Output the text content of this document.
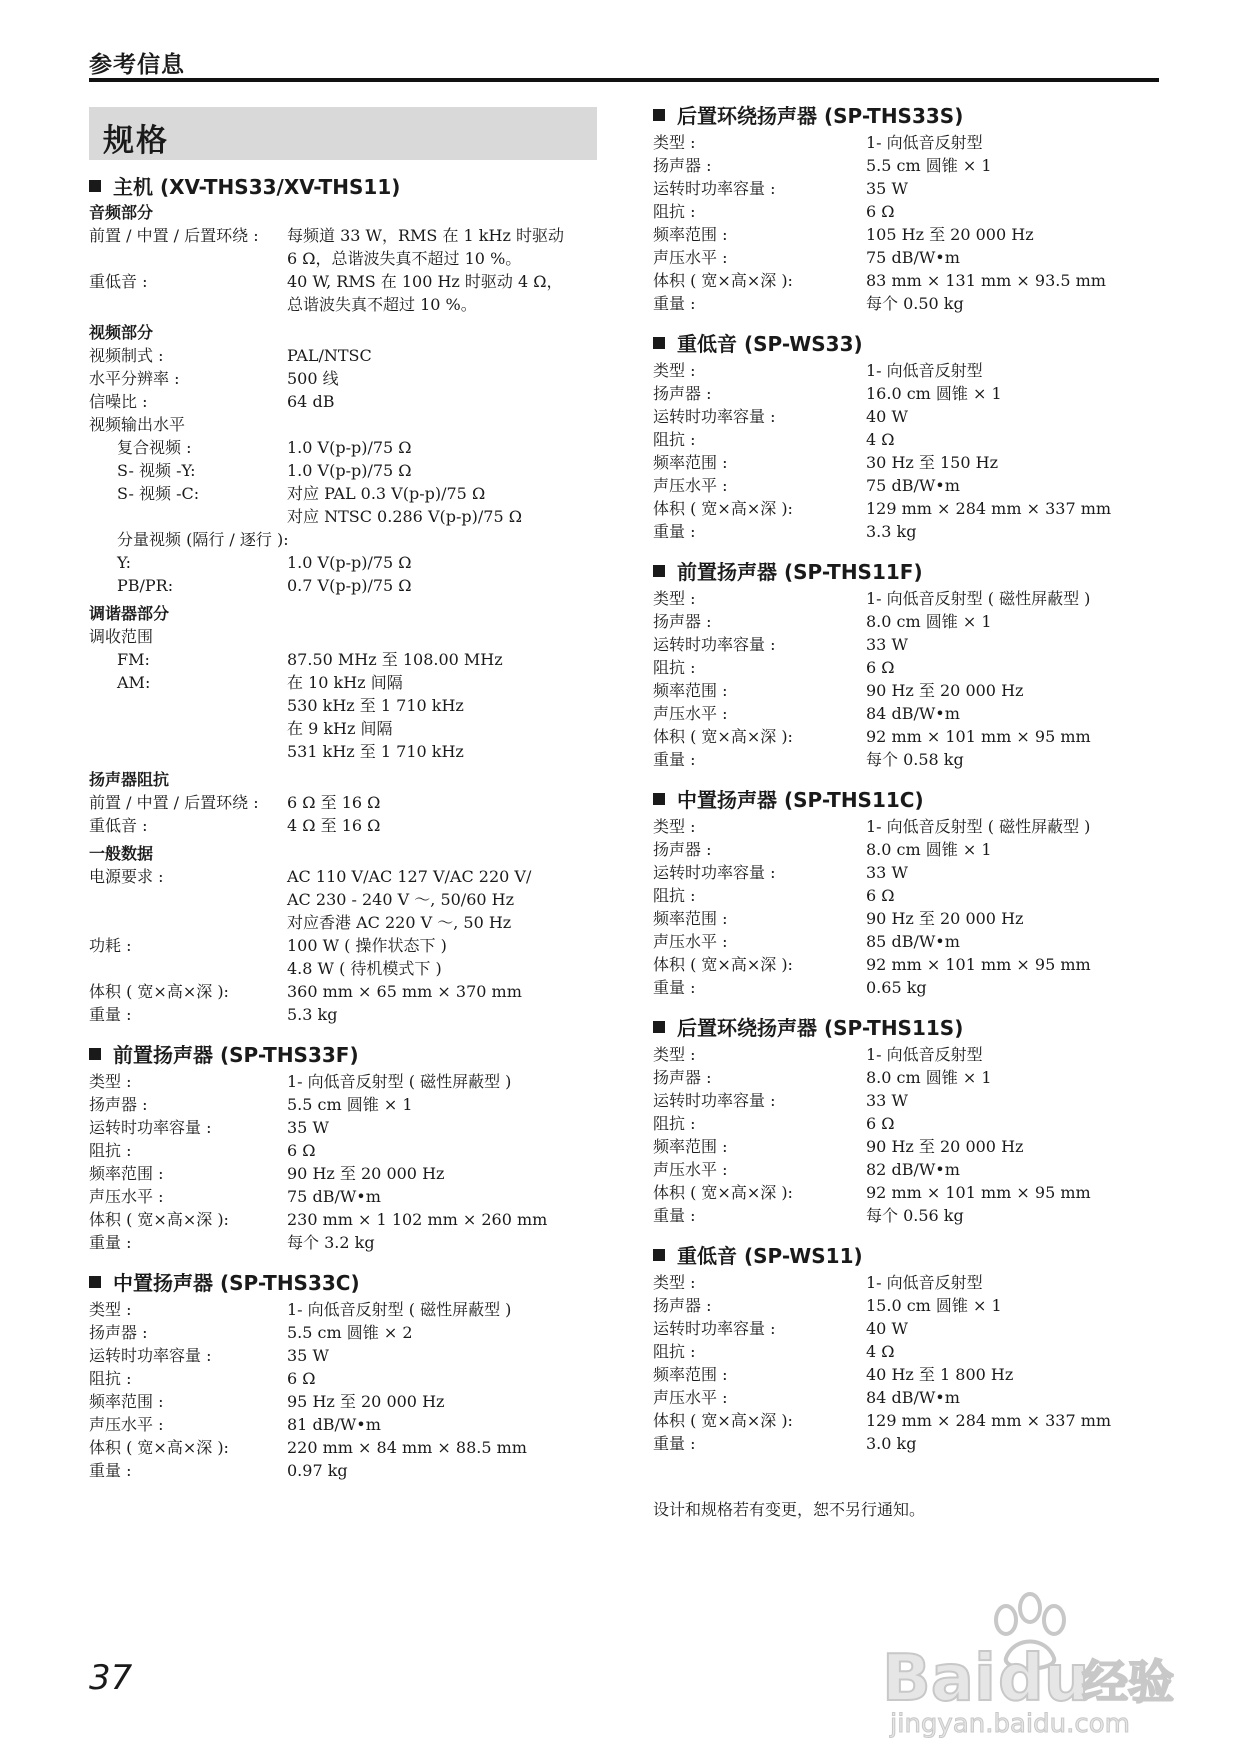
参考信息
规格
主机 (XV-THS33/XV-THS11)
音频部分
前置 / 中置 / 后置环绕 :	每频道 33 W，RMS 在 1 kHz 时驱动
6 Ω，总谐波失真不超过 10 %。
重低音 :	40 W, RMS 在 100 Hz 时驱动 4 Ω，
总谐波失真不超过 10 %。
视频部分
视频制式 :	PAL/NTSC
水平分辨率 :	500 线
信噪比 :	64 dB
视频输出水平
复合视频 :	1.0 V(p-p)/75 Ω
S- 视频 -Y:	1.0 V(p-p)/75 Ω
S- 视频 -C:	对应 PAL 0.3 V(p-p)/75 Ω
对应 NTSC 0.286 V(p-p)/75 Ω
分量视频 (隔行 / 逐行 ):
Y:	1.0 V(p-p)/75 Ω
PB/PR:	0.7 V(p-p)/75 Ω
调谐器部分
调收范围
FM:	87.50 MHz 至 108.00 MHz
AM:	在 10 kHz 间隔
530 kHz 至 1 710 kHz
在 9 kHz 间隔
531 kHz 至 1 710 kHz
扬声器阻抗
前置 / 中置 / 后置环绕 :	6 Ω 至 16 Ω
重低音 :	4 Ω 至 16 Ω
一般数据
电源要求 :	AC 110 V/AC 127 V/AC 220 V/
AC 230 - 240 V ～, 50/60 Hz
对应香港 AC 220 V ～, 50 Hz
功耗 :	100 W ( 操作状态下 )
4.8 W ( 待机模式下 )
体积 ( 宽×高×深 ):	360 mm × 65 mm × 370 mm
重量 :	5.3 kg
前置扬声器 (SP-THS33F)
类型 :	1- 向低音反射型 ( 磁性屏蔽型 )
扬声器 :	5.5 cm 圆锥 × 1
运转时功率容量 :	35 W
阻抗 :	6 Ω
频率范围 :	90 Hz 至 20 000 Hz
声压水平 :	75 dB/W•m
体积 ( 宽×高×深 ):	230 mm × 1 102 mm × 260 mm
重量 :	每个 3.2 kg
中置扬声器 (SP-THS33C)
类型 :	1- 向低音反射型 ( 磁性屏蔽型 )
扬声器 :	5.5 cm 圆锥 × 2
运转时功率容量 :	35 W
阻抗 :	6 Ω
频率范围 :	95 Hz 至 20 000 Hz
声压水平 :	81 dB/W•m
体积 ( 宽×高×深 ):	220 mm × 84 mm × 88.5 mm
重量 :	0.97 kg
后置环绕扬声器 (SP-THS33S)
类型 :	1- 向低音反射型
扬声器 :	5.5 cm 圆锥 × 1
运转时功率容量 :	35 W
阻抗 :	6 Ω
频率范围 :	105 Hz 至 20 000 Hz
声压水平 :	75 dB/W•m
体积 ( 宽×高×深 ):	83 mm × 131 mm × 93.5 mm
重量 :	每个 0.50 kg
重低音 (SP-WS33)
类型 :	1- 向低音反射型
扬声器 :	16.0 cm 圆锥 × 1
运转时功率容量 :	40 W
阻抗 :	4 Ω
频率范围 :	30 Hz 至 150 Hz
声压水平 :	75 dB/W•m
体积 ( 宽×高×深 ):	129 mm × 284 mm × 337 mm
重量 :	3.3 kg
前置扬声器 (SP-THS11F)
类型 :	1- 向低音反射型 ( 磁性屏蔽型 )
扬声器 :	8.0 cm 圆锥 × 1
运转时功率容量 :	33 W
阻抗 :	6 Ω
频率范围 :	90 Hz 至 20 000 Hz
声压水平 :	84 dB/W•m
体积 ( 宽×高×深 ):	92 mm × 101 mm × 95 mm
重量 :	每个 0.58 kg
中置扬声器 (SP-THS11C)
类型 :	1- 向低音反射型 ( 磁性屏蔽型 )
扬声器 :	8.0 cm 圆锥 × 1
运转时功率容量 :	33 W
阻抗 :	6 Ω
频率范围 :	90 Hz 至 20 000 Hz
声压水平 :	85 dB/W•m
体积 ( 宽×高×深 ):	92 mm × 101 mm × 95 mm
重量 :	0.65 kg
后置环绕扬声器 (SP-THS11S)
类型 :	1- 向低音反射型
扬声器 :	8.0 cm 圆锥 × 1
运转时功率容量 :	33 W
阻抗 :	6 Ω
频率范围 :	90 Hz 至 20 000 Hz
声压水平 :	82 dB/W•m
体积 ( 宽×高×深 ):	92 mm × 101 mm × 95 mm
重量 :	每个 0.56 kg
重低音 (SP-WS11)
类型 :	1- 向低音反射型
扬声器 :	15.0 cm 圆锥 × 1
运转时功率容量 :	40 W
阻抗 :	4 Ω
频率范围 :	40 Hz 至 1 800 Hz
声压水平 :	84 dB/W•m
体积 ( 宽×高×深 ):	129 mm × 284 mm × 337 mm
重量 :	3.0 kg
设计和规格若有变更，恕不另行通知。
37	Bai du
经验
jingyan.baidu.com
